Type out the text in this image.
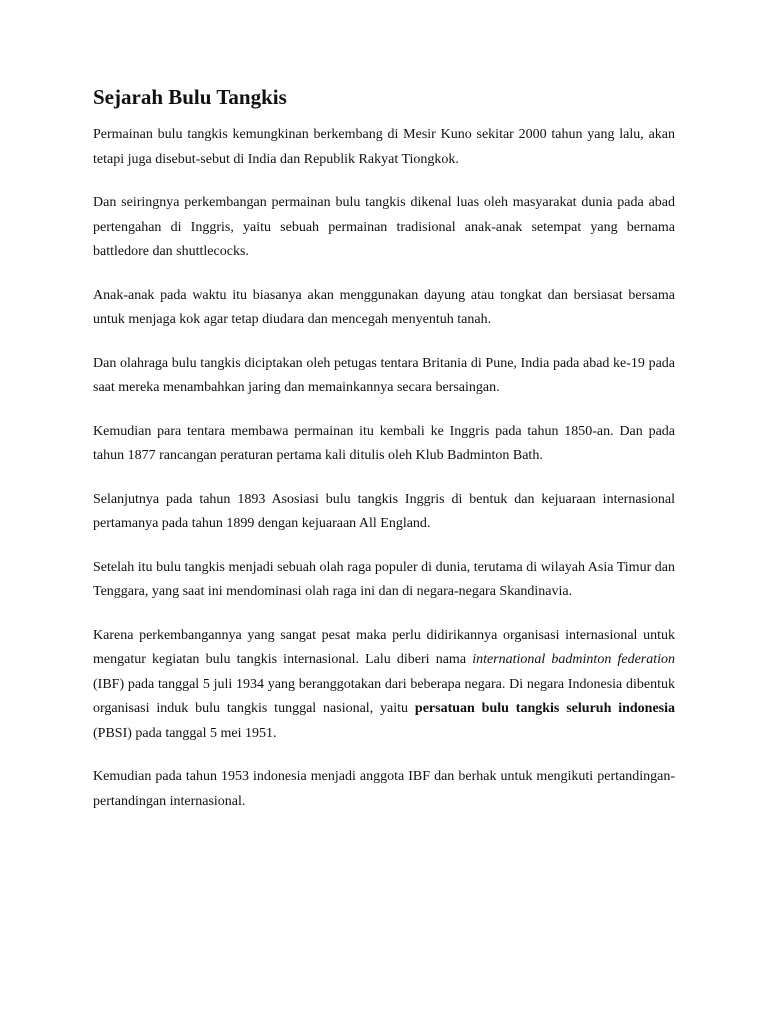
Sejarah Bulu Tangkis

Permainan bulu tangkis kemungkinan berkembang di Mesir Kuno sekitar 2000 tahun yang lalu, akan tetapi juga disebut-sebut di India dan Republik Rakyat Tiongkok.

Dan seiringnya perkembangan permainan bulu tangkis dikenal luas oleh masyarakat dunia pada abad pertengahan di Inggris, yaitu sebuah permainan tradisional anak-anak setempat yang bernama battledore dan shuttlecocks.

Anak-anak pada waktu itu biasanya akan menggunakan dayung atau tongkat dan bersiasat bersama untuk menjaga kok agar tetap diudara dan mencegah menyentuh tanah.

Dan olahraga bulu tangkis diciptakan oleh petugas tentara Britania di Pune, India pada abad ke-19 pada saat mereka menambahkan jaring dan memainkannya secara bersaingan.

Kemudian para tentara membawa permainan itu kembali ke Inggris pada tahun 1850-an. Dan pada tahun 1877 rancangan peraturan pertama kali ditulis oleh Klub Badminton Bath.

Selanjutnya pada tahun 1893 Asosiasi bulu tangkis Inggris di bentuk dan kejuaraan internasional pertamanya pada tahun 1899 dengan kejuaraan All England.

Setelah itu bulu tangkis menjadi sebuah olah raga populer di dunia, terutama di wilayah Asia Timur dan Tenggara, yang saat ini mendominasi olah raga ini dan di negara-negara Skandinavia.

Karena perkembangannya yang sangat pesat maka perlu didirikannya organisasi internasional untuk mengatur kegiatan bulu tangkis internasional. Lalu diberi nama international badminton federation (IBF) pada tanggal 5 juli 1934 yang beranggotakan dari beberapa negara. Di negara Indonesia dibentuk organisasi induk bulu tangkis tunggal nasional, yaitu persatuan bulu tangkis seluruh indonesia (PBSI) pada tanggal 5 mei 1951.

Kemudian pada tahun 1953 indonesia menjadi anggota IBF dan berhak untuk mengikuti pertandingan-pertandingan internasional.
